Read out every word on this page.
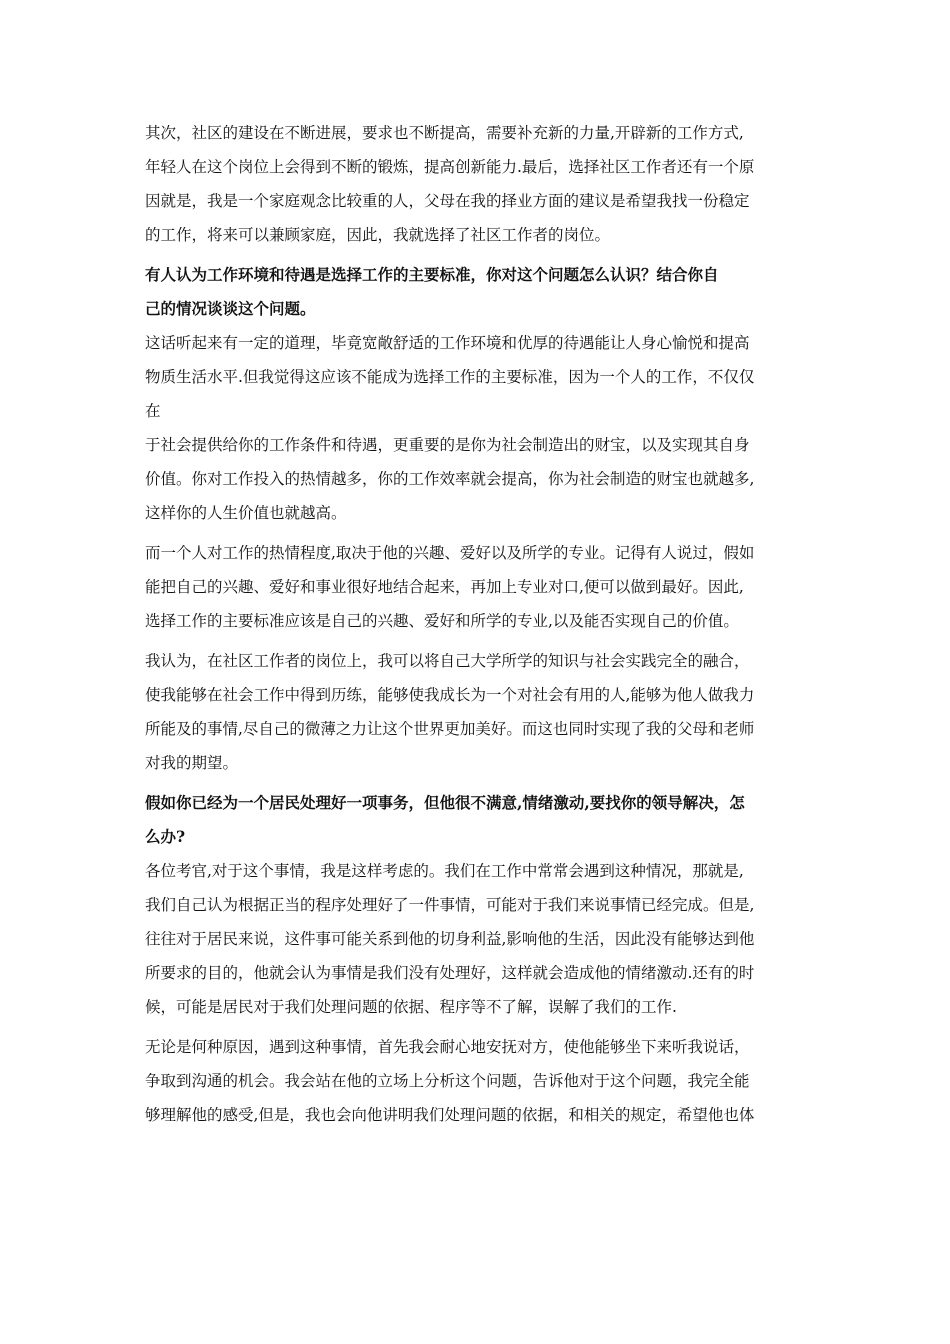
其次，社区的建设在不断进展，要求也不断提高，需要补充新的力量,开辟新的工作方式,
年轻人在这个岗位上会得到不断的锻炼，提高创新能力.最后，选择社区工作者还有一个原
因就是，我是一个家庭观念比较重的人，父母在我的择业方面的建议是希望我找一份稳定
的工作，将来可以兼顾家庭，因此，我就选择了社区工作者的岗位。
有人认为工作环境和待遇是选择工作的主要标准，你对这个问题怎么认识？结合你自
己的情况谈谈这个问题。
这话听起来有一定的道理，毕竟宽敞舒适的工作环境和优厚的待遇能让人身心愉悦和提高
物质生活水平.但我觉得这应该不能成为选择工作的主要标准，因为一个人的工作，不仅仅
在
于社会提供给你的工作条件和待遇，更重要的是你为社会制造出的财宝，以及实现其自身
价值。你对工作投入的热情越多，你的工作效率就会提高，你为社会制造的财宝也就越多,
这样你的人生价值也就越高。
而一个人对工作的热情程度,取决于他的兴趣、爱好以及所学的专业。记得有人说过，假如
能把自己的兴趣、爱好和事业很好地结合起来，再加上专业对口,便可以做到最好。因此,
选择工作的主要标准应该是自己的兴趣、爱好和所学的专业,以及能否实现自己的价值。
我认为，在社区工作者的岗位上，我可以将自己大学所学的知识与社会实践完全的融合，
使我能够在社会工作中得到历练，能够使我成长为一个对社会有用的人,能够为他人做我力
所能及的事情,尽自己的微薄之力让这个世界更加美好。而这也同时实现了我的父母和老师
对我的期望。
假如你已经为一个居民处理好一项事务，但他很不满意,情绪激动,要找你的领导解决，怎
么办?
各位考官,对于这个事情，我是这样考虑的。我们在工作中常常会遇到这种情况，那就是,
我们自己认为根据正当的程序处理好了一件事情，可能对于我们来说事情已经完成。但是,
往往对于居民来说，这件事可能关系到他的切身利益,影响他的生活，因此没有能够达到他
所要求的目的，他就会认为事情是我们没有处理好，这样就会造成他的情绪激动.还有的时
候，可能是居民对于我们处理问题的依据、程序等不了解，误解了我们的工作.
无论是何种原因，遇到这种事情，首先我会耐心地安抚对方，使他能够坐下来听我说话，
争取到沟通的机会。我会站在他的立场上分析这个问题，告诉他对于这个问题，我完全能
够理解他的感受,但是，我也会向他讲明我们处理问题的依据，和相关的规定，希望他也体
